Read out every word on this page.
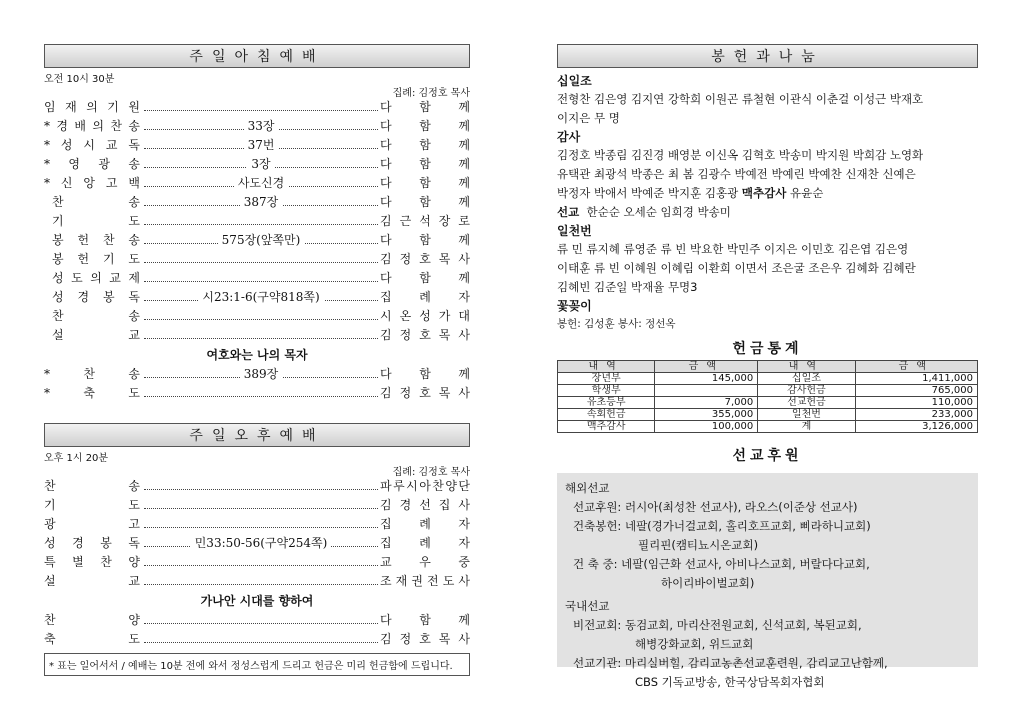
주일아침예배
오전 10시 30분
집례: 김정호 목사
임 재 의 기 원	다 함 께
* 경 배 의 찬 송	33장	다 함 께
* 성 시 교 독	37번	다 함 께
* 영 광 송	3장	다 함 께
* 신 앙 고 백	사도신경	다 함 께
찬	송	387장	다 함 께
기	도	김 근 석 장 로
봉 헌 찬 송	575장(앞쪽만)	다 함 께
봉 헌 기 도	김 정 호 목 사
성 도 의 교 제	다 함 께
성 경 봉 독	시23:1-6(구약818쪽)	집 례 자
찬	송	시 온 성 가 대
설	교	김 정 호 목 사
여호와는 나의 목자
*	찬	송	389장	다 함 께
*	축	도	김 정 호 목 사
주일오후예배
오후 1시 20분
집례: 김정호 목사
찬	송	파 루 시 아 찬 양 단
기	도	김 경 선 집 사
광	고	집 례 자
성 경 봉 독	민33:50-56(구약254쪽)	집 례 자
특 별 찬 양	교 우 중
설	교	조 재 권 전 도 사
가나안 시대를 향하여
찬	양	다 함 께
축	도	김 정 호 목 사
* 표는 일어서서 / 예배는 10분 전에 와서 정성스럽게 드리고 헌금은 미리 헌금함에 드립니다.
봉헌과나눔
십일조
전형찬 김은영 김지연 강학희 이원곤 류철현 이관식 이춘걸 이성근 박재호
이지은 무 명
감사
김정호 박종림 김진경 배영분 이신옥 김혁호 박송미 박지원 박희감 노영화
유택관 최광석 박종은 최 봄 김광수 박예전 박예린 박예찬 신재찬 신예은
박정자 박애서 박예준 박지훈 김홍광 맥추감사 유윤순
선교 한순순 오세순 임희경 박송미
일천번
류 민 류지혜 류영준 류 빈 박요한 박민주 이지은 이민호 김은엽 김은영
이태훈 류 빈 이혜원 이혜림 이환희 이면서 조은굴 조은우 김혜화 김혜란
김혜빈 김준일 박재율 무명3
꽃꽂이
봉헌: 김성훈 봉사: 정선옥
헌금통계
내역	금액	내역	금액
장년부	145,000	십일조	1,411,000
학생부		감사헌금	765,000
유초등부	7,000	선교헌금	110,000
속회헌금	355,000	일천번	233,000
맥추감사	100,000	계	3,126,000
선교후원
해외선교
선교후원: 러시아(최성찬 선교사), 라오스(이준상 선교사)
건축봉헌: 네팔(경가너걸교회, 홀리호프교회, 삐라하니교회)
필리핀(캠티뇨시온교회)
건 축 중: 네팔(임근화 선교사, 아비나스교회, 버랄다다교회,
하이리바이벌교회)
국내선교
비전교회: 동검교회, 마리산전원교회, 신석교회, 복된교회,
해병강화교회, 위드교회
선교기관: 마리실버힐, 감리교농촌선교훈련원, 감리교고난함께,
CBS 기독교방송, 한국상담목회자협회
